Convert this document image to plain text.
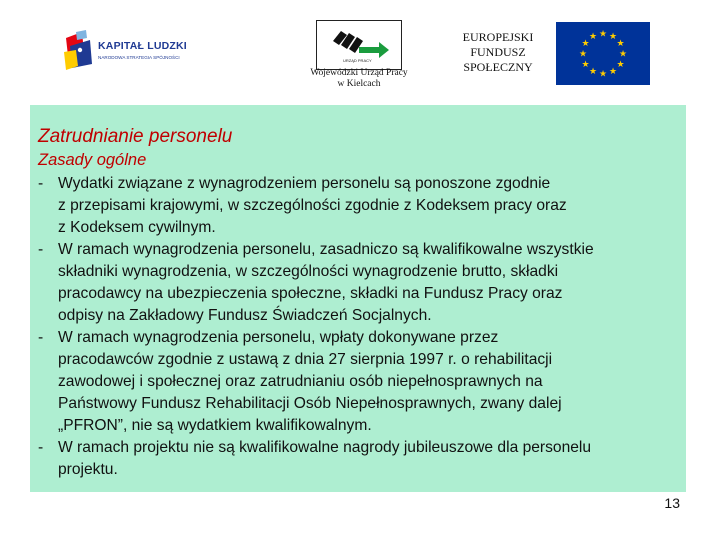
KAPITAŁ LUDZKI
NARODOWA STRATEGIA SPÓJNOŚCI
URZĄD PRACY
Wojewódzki Urząd Pracy
w Kielcach
EUROPEJSKI
FUNDUSZ
SPOŁECZNY
★ ★
★
★
★
★
★
★
★
★
★
★
Zatrudnianie personelu
Zasady ogólne
- Wydatki związane z wynagrodzeniem personelu są ponoszone zgodnie
z przepisami krajowymi, w szczególności zgodnie z Kodeksem pracy oraz
z Kodeksem cywilnym.
- W ramach wynagrodzenia personelu, zasadniczo są kwalifikowalne wszystkie
składniki wynagrodzenia, w szczególności wynagrodzenie brutto, składki
pracodawcy na ubezpieczenia społeczne, składki na Fundusz Pracy oraz
odpisy na Zakładowy Fundusz Świadczeń Socjalnych.
- W ramach wynagrodzenia personelu, wpłaty dokonywane przez
pracodawców zgodnie z ustawą z dnia 27 sierpnia 1997 r. o rehabilitacji
zawodowej i społecznej oraz zatrudnianiu osób niepełnosprawnych na
Państwowy Fundusz Rehabilitacji Osób Niepełnosprawnych, zwany dalej
„PFRON”, nie są wydatkiem kwalifikowalnym.
- W ramach projektu nie są kwalifikowalne nagrody jubileuszowe dla personelu
projektu.
13
